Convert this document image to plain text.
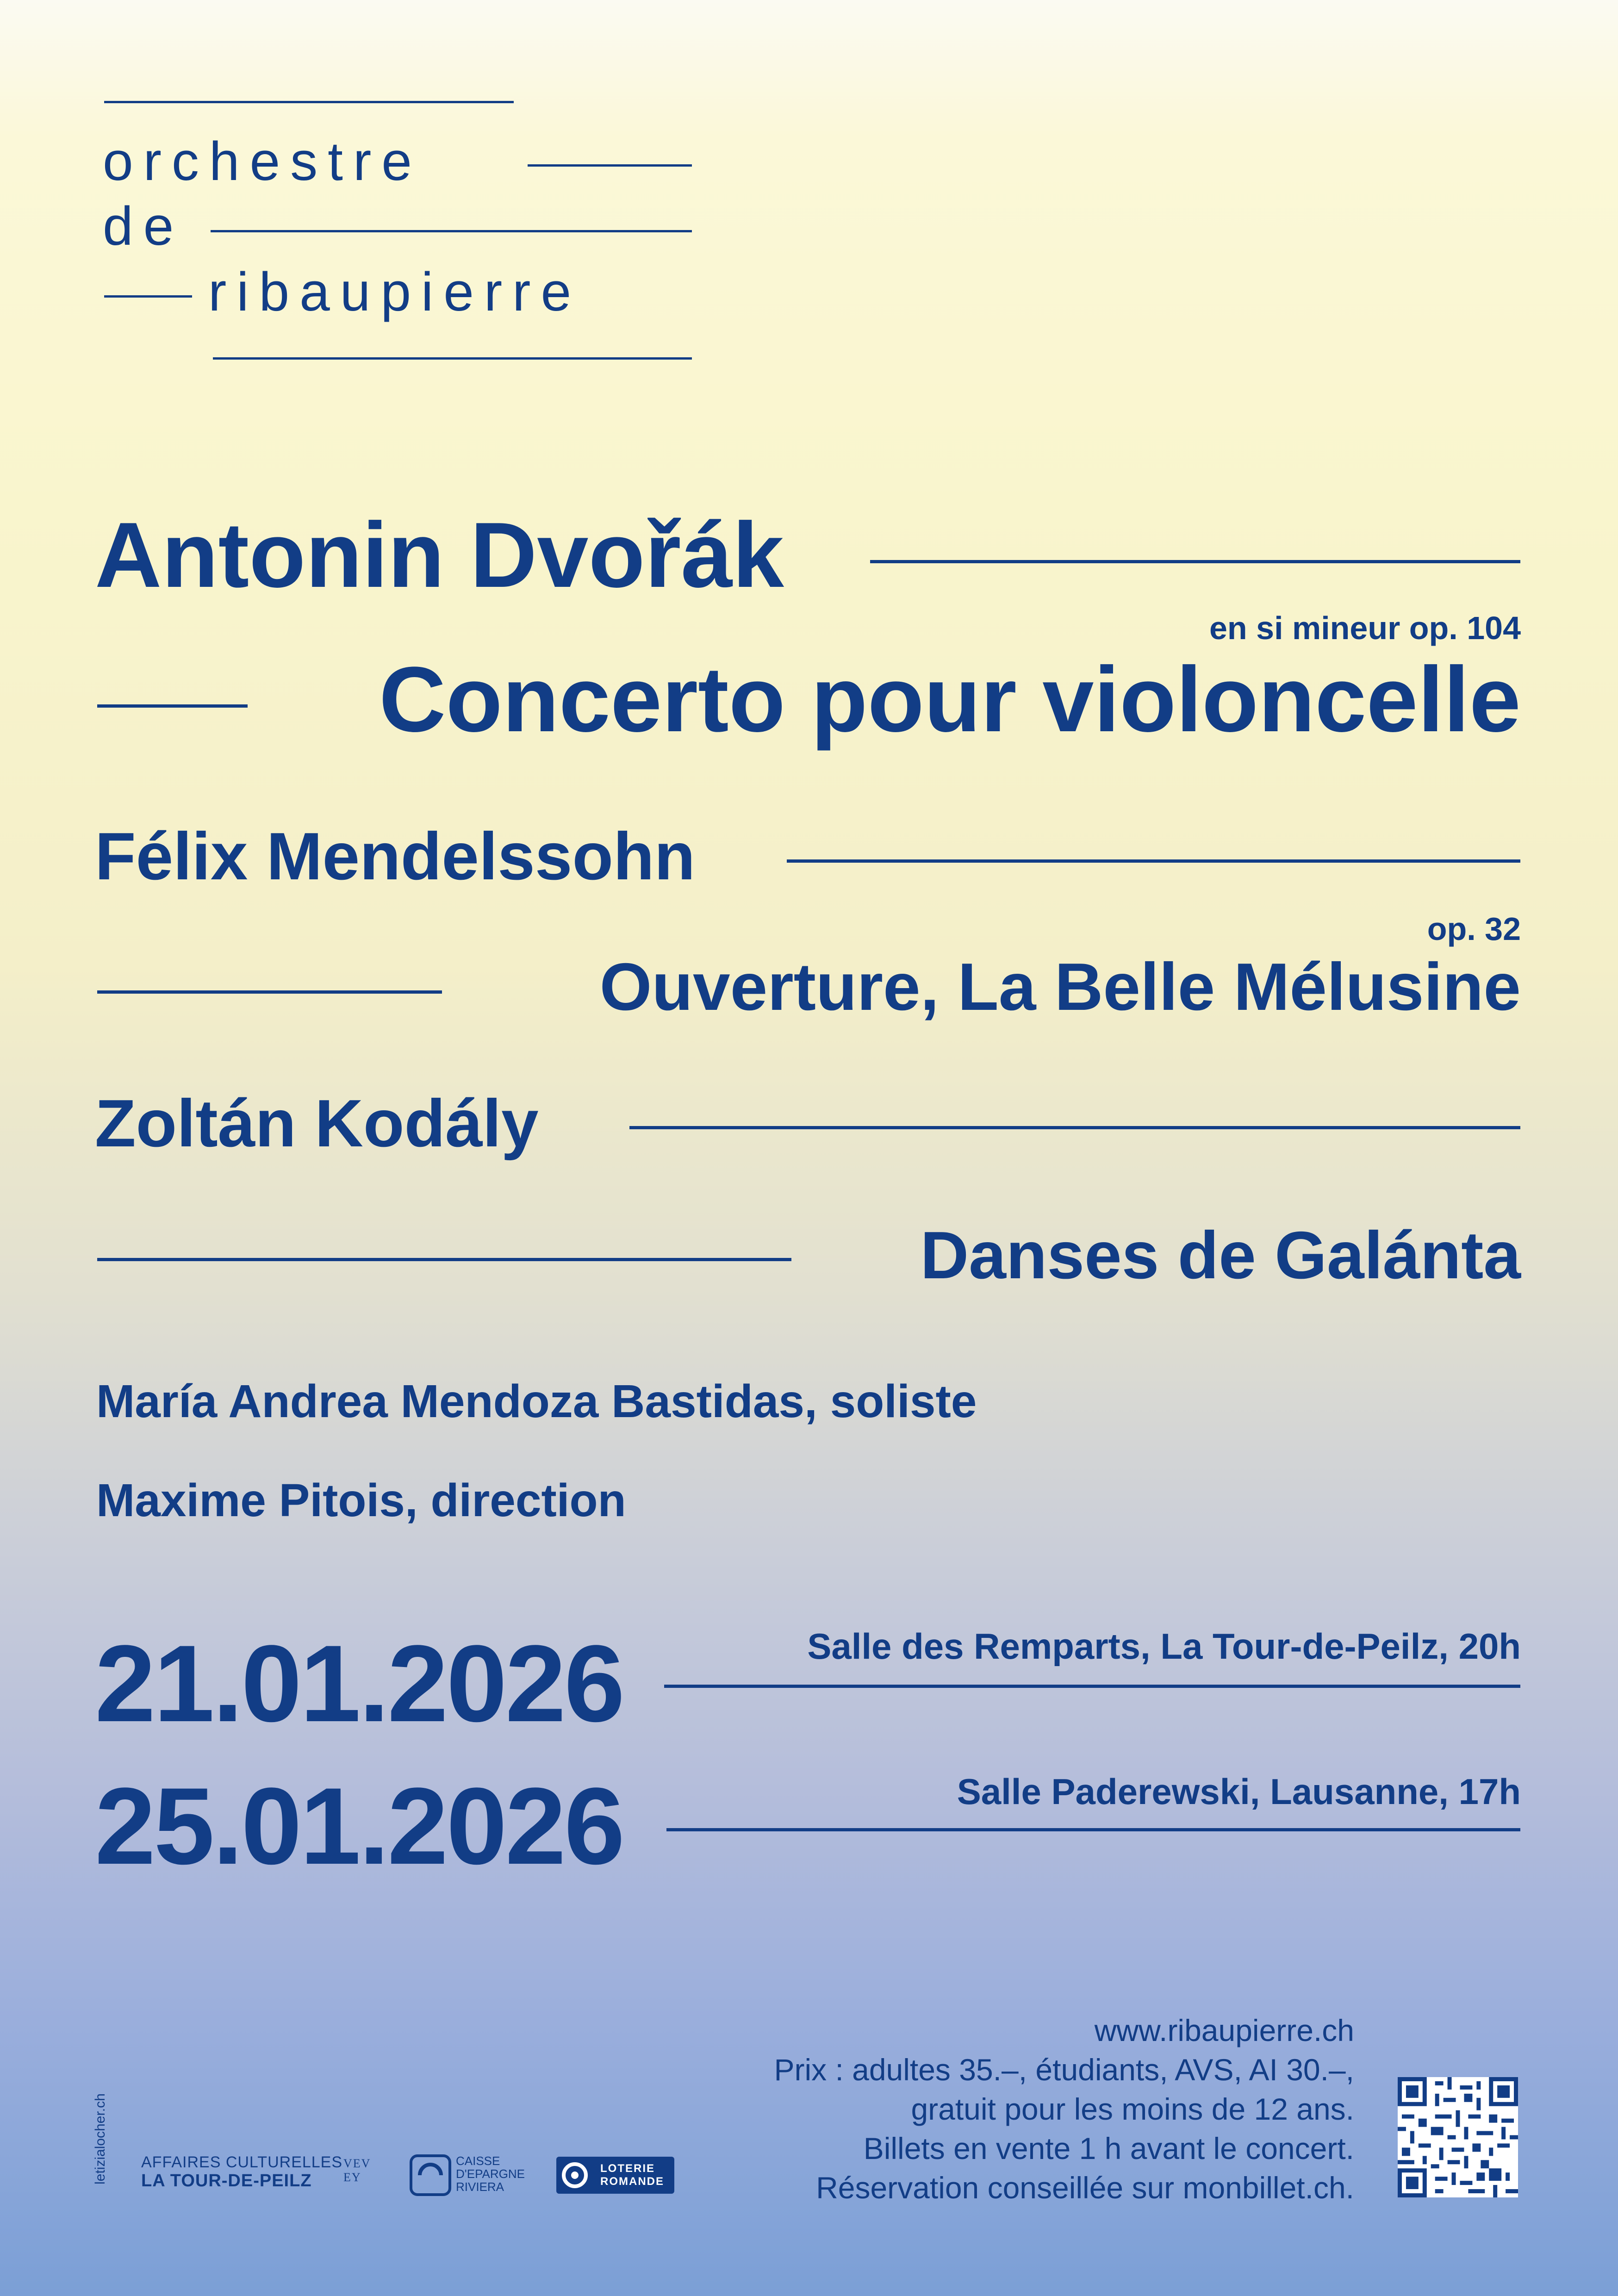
orchestre
de
ribaupierre
Antonin Dvořák
en si mineur op. 104
Concerto pour violoncelle
Félix Mendelssohn
op. 32
Ouverture, La Belle Mélusine
Zoltán Kodály
Danses de Galánta
María Andrea Mendoza Bastidas, soliste
Maxime Pitois, direction
21.01.2026	Salle des Remparts, La Tour-de-Peilz, 20h
25.01.2026	Salle Paderewski, Lausanne, 17h
www.ribaupierre.ch
Prix : adultes 35.–, étudiants, AVS, AI 30.–,
gratuit pour les moins de 12 ans.
Billets en vente 1 h avant le concert.
Réservation conseillée sur monbillet.ch.
letizialocher.ch AFFAIRES CULTURELLES
LA TOUR-DE-PEILZ
VEVEY
CAISSE
D'EPARGNE
RIVIERA
LOTERIE
ROMANDE
